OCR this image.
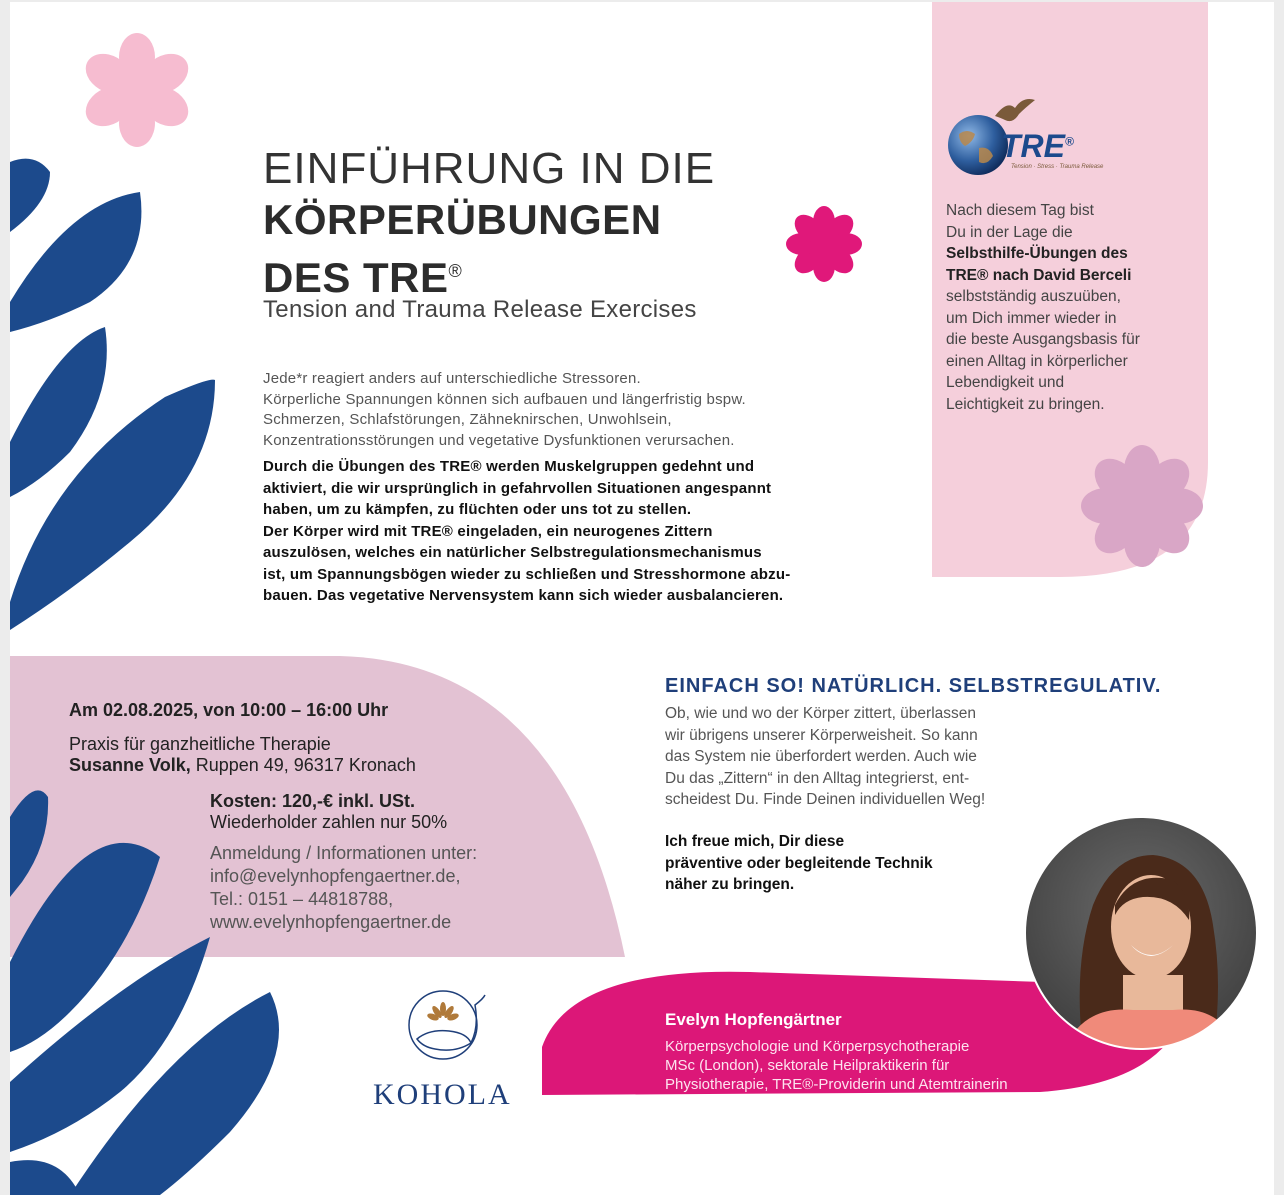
EINFÜHRUNG IN DIE
KÖRPERÜBUNGEN
DES TRE®
Tension and Trauma Release Exercises
Jede*r reagiert anders auf unterschiedliche Stressoren.
Körperliche Spannungen können sich aufbauen und längerfristig bspw.
Schmerzen, Schlafstörungen, Zähneknirschen, Unwohlsein,
Konzentrationsstörungen und vegetative Dysfunktionen verursachen.
Durch die Übungen des TRE® werden Muskelgruppen gedehnt und
aktiviert, die wir ursprünglich in gefahrvollen Situationen angespannt
haben, um zu kämpfen, zu flüchten oder uns tot zu stellen.
Der Körper wird mit TRE® eingeladen, ein neurogenes Zittern
auszulösen, welches ein natürlicher Selbstregulationsmechanismus
ist, um Spannungsbögen wieder zu schließen und Stresshormone abzu-
bauen. Das vegetative Nervensystem kann sich wieder ausbalancieren.
TRE®
Tension · Stress · Trauma Release
Nach diesem Tag bist
Du in der Lage die
Selbsthilfe-Übungen des
TRE® nach David Berceli
selbstständig auszuüben,
um Dich immer wieder in
die beste Ausgangsbasis für
einen Alltag in körperlicher
Lebendigkeit und
Leichtigkeit zu bringen.
Am 02.08.2025, von 10:00 – 16:00 Uhr
Praxis für ganzheitliche Therapie
Susanne Volk, Ruppen 49, 96317 Kronach
Kosten: 120,-€ inkl. USt.
Wiederholder zahlen nur 50%
Anmeldung / Informationen unter:
info@evelynhopfengaertner.de,
Tel.: 0151 – 44818788,
www.evelynhopfengaertner.de
EINFACH SO! NATÜRLICH. SELBSTREGULATIV.
Ob, wie und wo der Körper zittert, überlassen
wir übrigens unserer Körperweisheit. So kann
das System nie überfordert werden. Auch wie
Du das „Zittern“ in den Alltag integrierst, ent-
scheidest Du. Finde Deinen individuellen Weg!
Ich freue mich, Dir diese
präventive oder begleitende Technik
näher zu bringen.
Evelyn Hopfengärtner
Körperpsychologie und Körperpsychotherapie
MSc (London), sektorale Heilpraktikerin für
Physiotherapie, TRE®-Providerin und Atemtrainerin
KOHOLA
